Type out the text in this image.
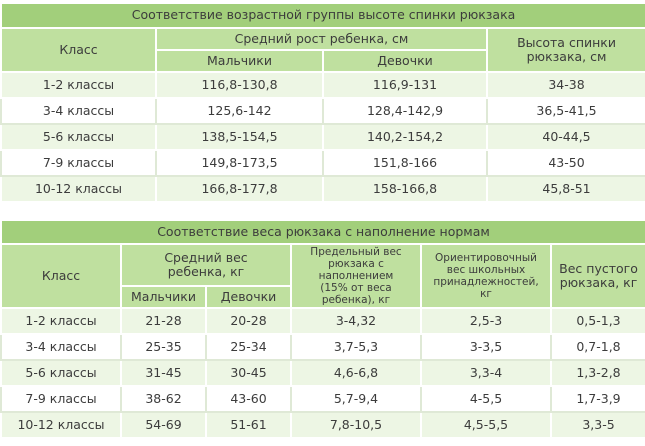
Соответствие возрастной группы высоте спинки рюкзака			
Класс	Средний рост ребенка, см		Высота спинки рюкзака, см
	Мальчики	Девочки	
1-2 классы	116,8-130,8	116,9-131	34-38
3-4 классы	125,6-142	128,4-142,9	36,5-41,5
5-6 классы	138,5-154,5	140,2-154,2	40-44,5
7-9 классы	149,8-173,5	151,8-166	43-50
10-12 классы	166,8-177,8	158-166,8	45,8-51
Соответствие веса рюкзака с наполнение нормам					
Класс	Средний вес ребенка, кг		Предельный вес рюкзака с наполнением (15% от веса ребенка), кг	Ориентировочный вес школьных принадлежностей, кг	Вес пустого рюкзака, кг
	Мальчики	Девочки			
1-2 классы	21-28	20-28	3-4,32	2,5-3	0,5-1,3
3-4 классы	25-35	25-34	3,7-5,3	3-3,5	0,7-1,8
5-6 классы	31-45	30-45	4,6-6,8	3,3-4	1,3-2,8
7-9 классы	38-62	43-60	5,7-9,4	4-5,5	1,7-3,9
10-12 классы	54-69	51-61	7,8-10,5	4,5-5,5	3,3-5
